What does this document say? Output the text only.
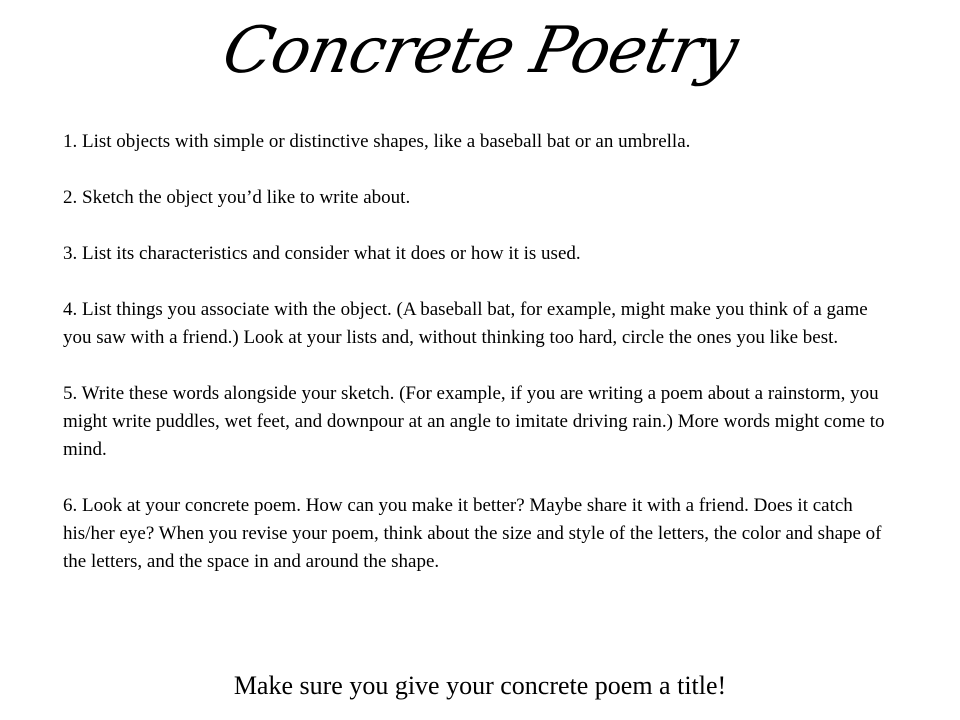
Concrete Poetry

1. List objects with simple or distinctive shapes, like a baseball bat or an umbrella.

2. Sketch the object you’d like to write about.

3. List its characteristics and consider what it does or how it is used.

4. List things you associate with the object. (A baseball bat, for example, might make you think of a game you saw with a friend.) Look at your lists and, without thinking too hard, circle the ones you like best.

5. Write these words alongside your sketch. (For example, if you are writing a poem about a rainstorm, you might write puddles, wet feet, and downpour at an angle to imitate driving rain.) More words might come to mind.

6. Look at your concrete poem. How can you make it better? Maybe share it with a friend. Does it catch his/her eye? When you revise your poem, think about the size and style of the letters, the color and shape of the letters, and the space in and around the shape.

Make sure you give your concrete poem a title!
